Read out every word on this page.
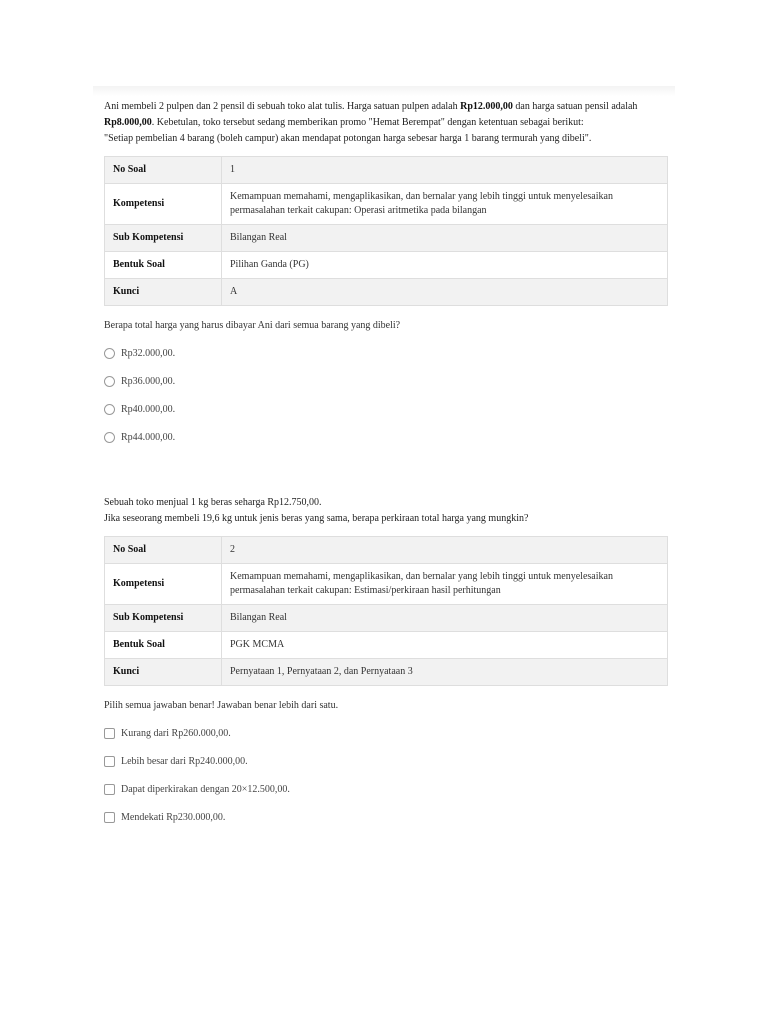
Ani membeli 2 pulpen dan 2 pensil di sebuah toko alat tulis. Harga satuan pulpen adalah Rp12.000,00 dan harga satuan pensil adalah

Rp8.000,00. Kebetulan, toko tersebut sedang memberikan promo "Hemat Berempat" dengan ketentuan sebagai berikut:

"Setiap pembelian 4 barang (boleh campur) akan mendapat potongan harga sebesar harga 1 barang termurah yang dibeli".

No Soal	1
Kompetensi	Kemampuan memahami, mengaplikasikan, dan bernalar yang lebih tinggi untuk menyelesaikan permasalahan terkait cakupan: Operasi aritmetika pada bilangan
Sub Kompetensi	Bilangan Real
Bentuk Soal	Pilihan Ganda (PG)
Kunci	A
Berapa total harga yang harus dibayar Ani dari semua barang yang dibeli?
Rp32.000,00.
Rp36.000,00.
Rp40.000,00.
Rp44.000,00.

Sebuah toko menjual 1 kg beras seharga Rp12.750,00.

Jika seseorang membeli 19,6 kg untuk jenis beras yang sama, berapa perkiraan total harga yang mungkin?

No Soal	2
Kompetensi	Kemampuan memahami, mengaplikasikan, dan bernalar yang lebih tinggi untuk menyelesaikan permasalahan terkait cakupan: Estimasi/perkiraan hasil perhitungan
Sub Kompetensi	Bilangan Real
Bentuk Soal	PGK MCMA
Kunci	Pernyataan 1, Pernyataan 2, dan Pernyataan 3
Pilih semua jawaban benar! Jawaban benar lebih dari satu.
Kurang dari Rp260.000,00.
Lebih besar dari Rp240.000,00.
Dapat diperkirakan dengan 20×12.500,00.
Mendekati Rp230.000,00.
